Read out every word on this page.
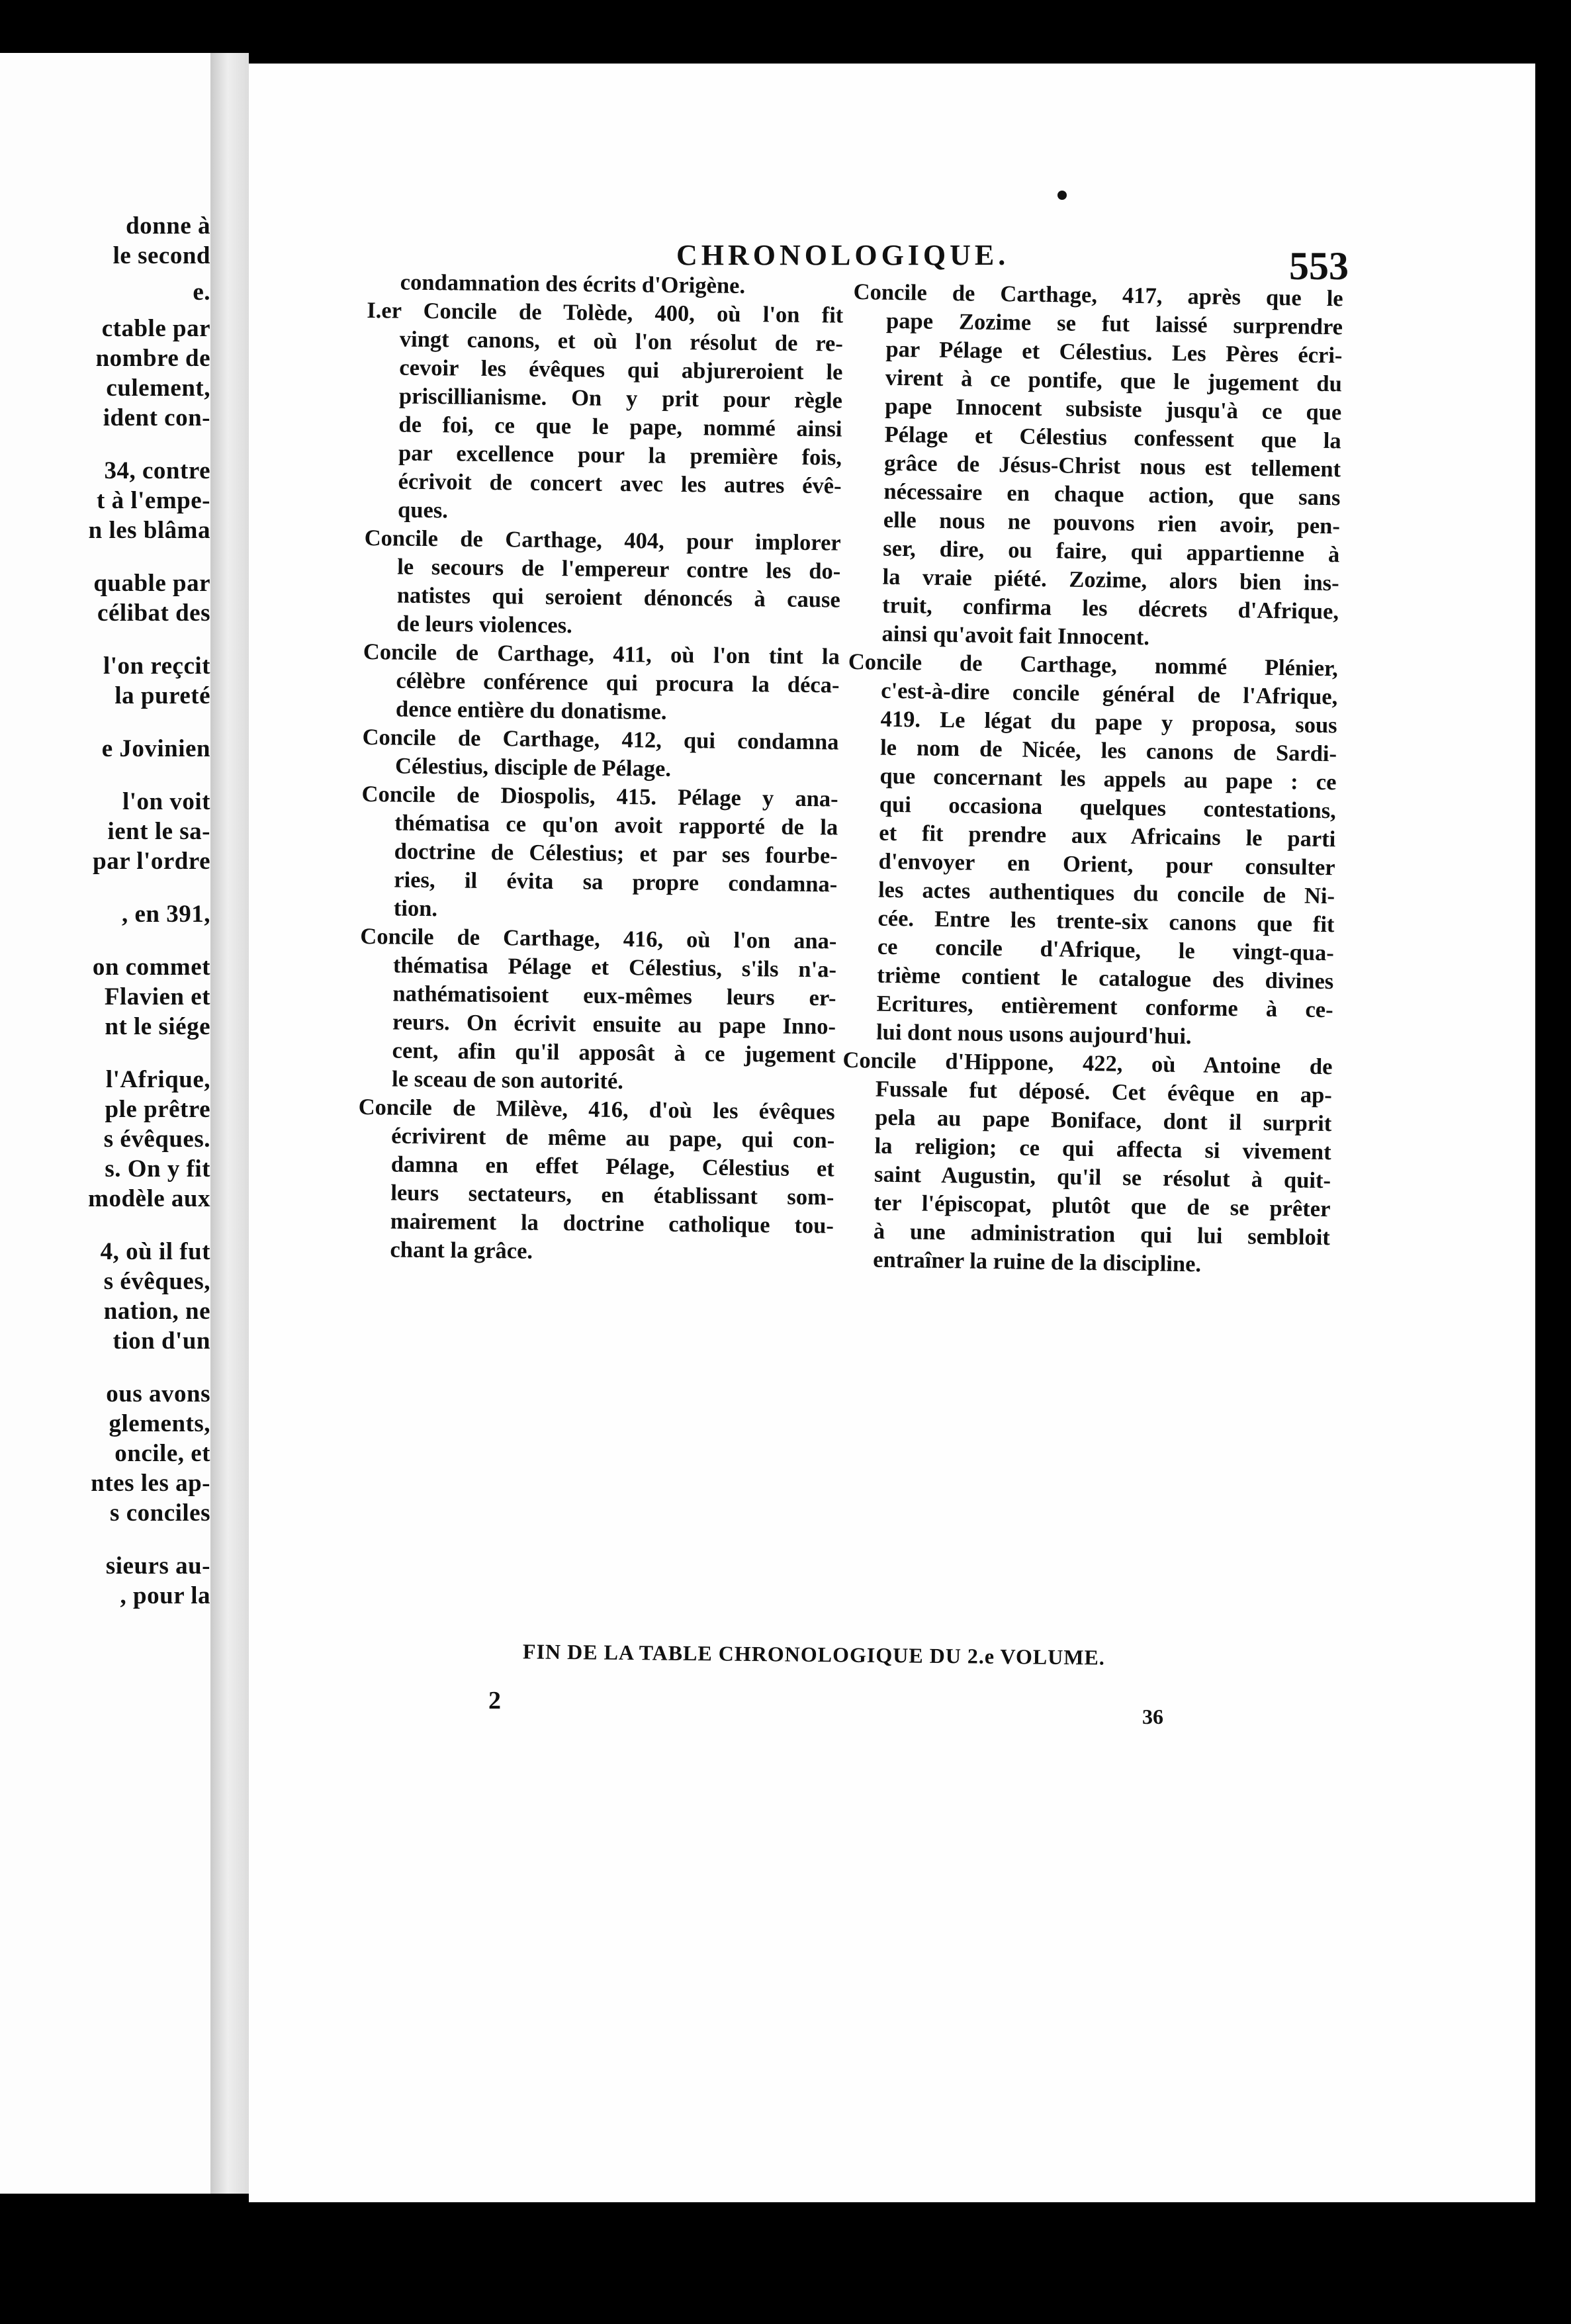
donne à
le second
e.
ctable par
nombre de
culement,
ident con-
34, contre
t à l'empe-
n les blâma
quable par
célibat des
l'on reçcit
la pureté
e Jovinien
l'on voit
ient le sa-
par l'ordre
, en 391,
on commet
Flavien et
nt le siége
l'Afrique,
ple prêtre
s évêques.
s. On y fit
modèle aux
4, où il fut
s évêques,
nation, ne
tion d'un
ous avons
glements,
oncile, et
ntes les ap-
s conciles
sieurs au-
, pour la
CHRONOLOGIQUE.	553
condamnation des écrits d'Origène.
I.er Concile de Tolède, 400, où l'on fit
vingt canons, et où l'on résolut de re-
cevoir les évêques qui abjureroient le
priscillianisme. On y prit pour règle
de foi, ce que le pape, nommé ainsi
par excellence pour la première fois,
écrivoit de concert avec les autres évê-
ques.
Concile de Carthage, 404, pour implorer
le secours de l'empereur contre les do-
natistes qui seroient dénoncés à cause
de leurs violences.
Concile de Carthage, 411, où l'on tint la
célèbre conférence qui procura la déca-
dence entière du donatisme.
Concile de Carthage, 412, qui condamna
Célestius, disciple de Pélage.
Concile de Diospolis, 415. Pélage y ana-
thématisa ce qu'on avoit rapporté de la
doctrine de Célestius; et par ses fourbe-
ries, il évita sa propre condamna-
tion.
Concile de Carthage, 416, où l'on ana-
thématisa Pélage et Célestius, s'ils n'a-
nathématisoient eux-mêmes leurs er-
reurs. On écrivit ensuite au pape Inno-
cent, afin qu'il apposât à ce jugement
le sceau de son autorité.
Concile de Milève, 416, d'où les évêques
écrivirent de même au pape, qui con-
damna en effet Pélage, Célestius et
leurs sectateurs, en établissant som-
mairement la doctrine catholique tou-
chant la grâce.
Concile de Carthage, 417, après que le
pape Zozime se fut laissé surprendre
par Pélage et Célestius. Les Pères écri-
virent à ce pontife, que le jugement du
pape Innocent subsiste jusqu'à ce que
Pélage et Célestius confessent que la
grâce de Jésus-Christ nous est tellement
nécessaire en chaque action, que sans
elle nous ne pouvons rien avoir, pen-
ser, dire, ou faire, qui appartienne à
la vraie piété. Zozime, alors bien ins-
truit, confirma les décrets d'Afrique,
ainsi qu'avoit fait Innocent.
Concile de Carthage, nommé Plénier,
c'est-à-dire concile général de l'Afrique,
419. Le légat du pape y proposa, sous
le nom de Nicée, les canons de Sardi-
que concernant les appels au pape : ce
qui occasiona quelques contestations,
et fit prendre aux Africains le parti
d'envoyer en Orient, pour consulter
les actes authentiques du concile de Ni-
cée. Entre les trente-six canons que fit
ce concile d'Afrique, le vingt-qua-
trième contient le catalogue des divines
Ecritures, entièrement conforme à ce-
lui dont nous usons aujourd'hui.
Concile d'Hippone, 422, où Antoine de
Fussale fut déposé. Cet évêque en ap-
pela au pape Boniface, dont il surprit
la religion; ce qui affecta si vivement
saint Augustin, qu'il se résolut à quit-
ter l'épiscopat, plutôt que de se prêter
à une administration qui lui sembloit
entraîner la ruine de la discipline.
FIN DE LA TABLE CHRONOLOGIQUE DU 2.e VOLUME.
2
36
